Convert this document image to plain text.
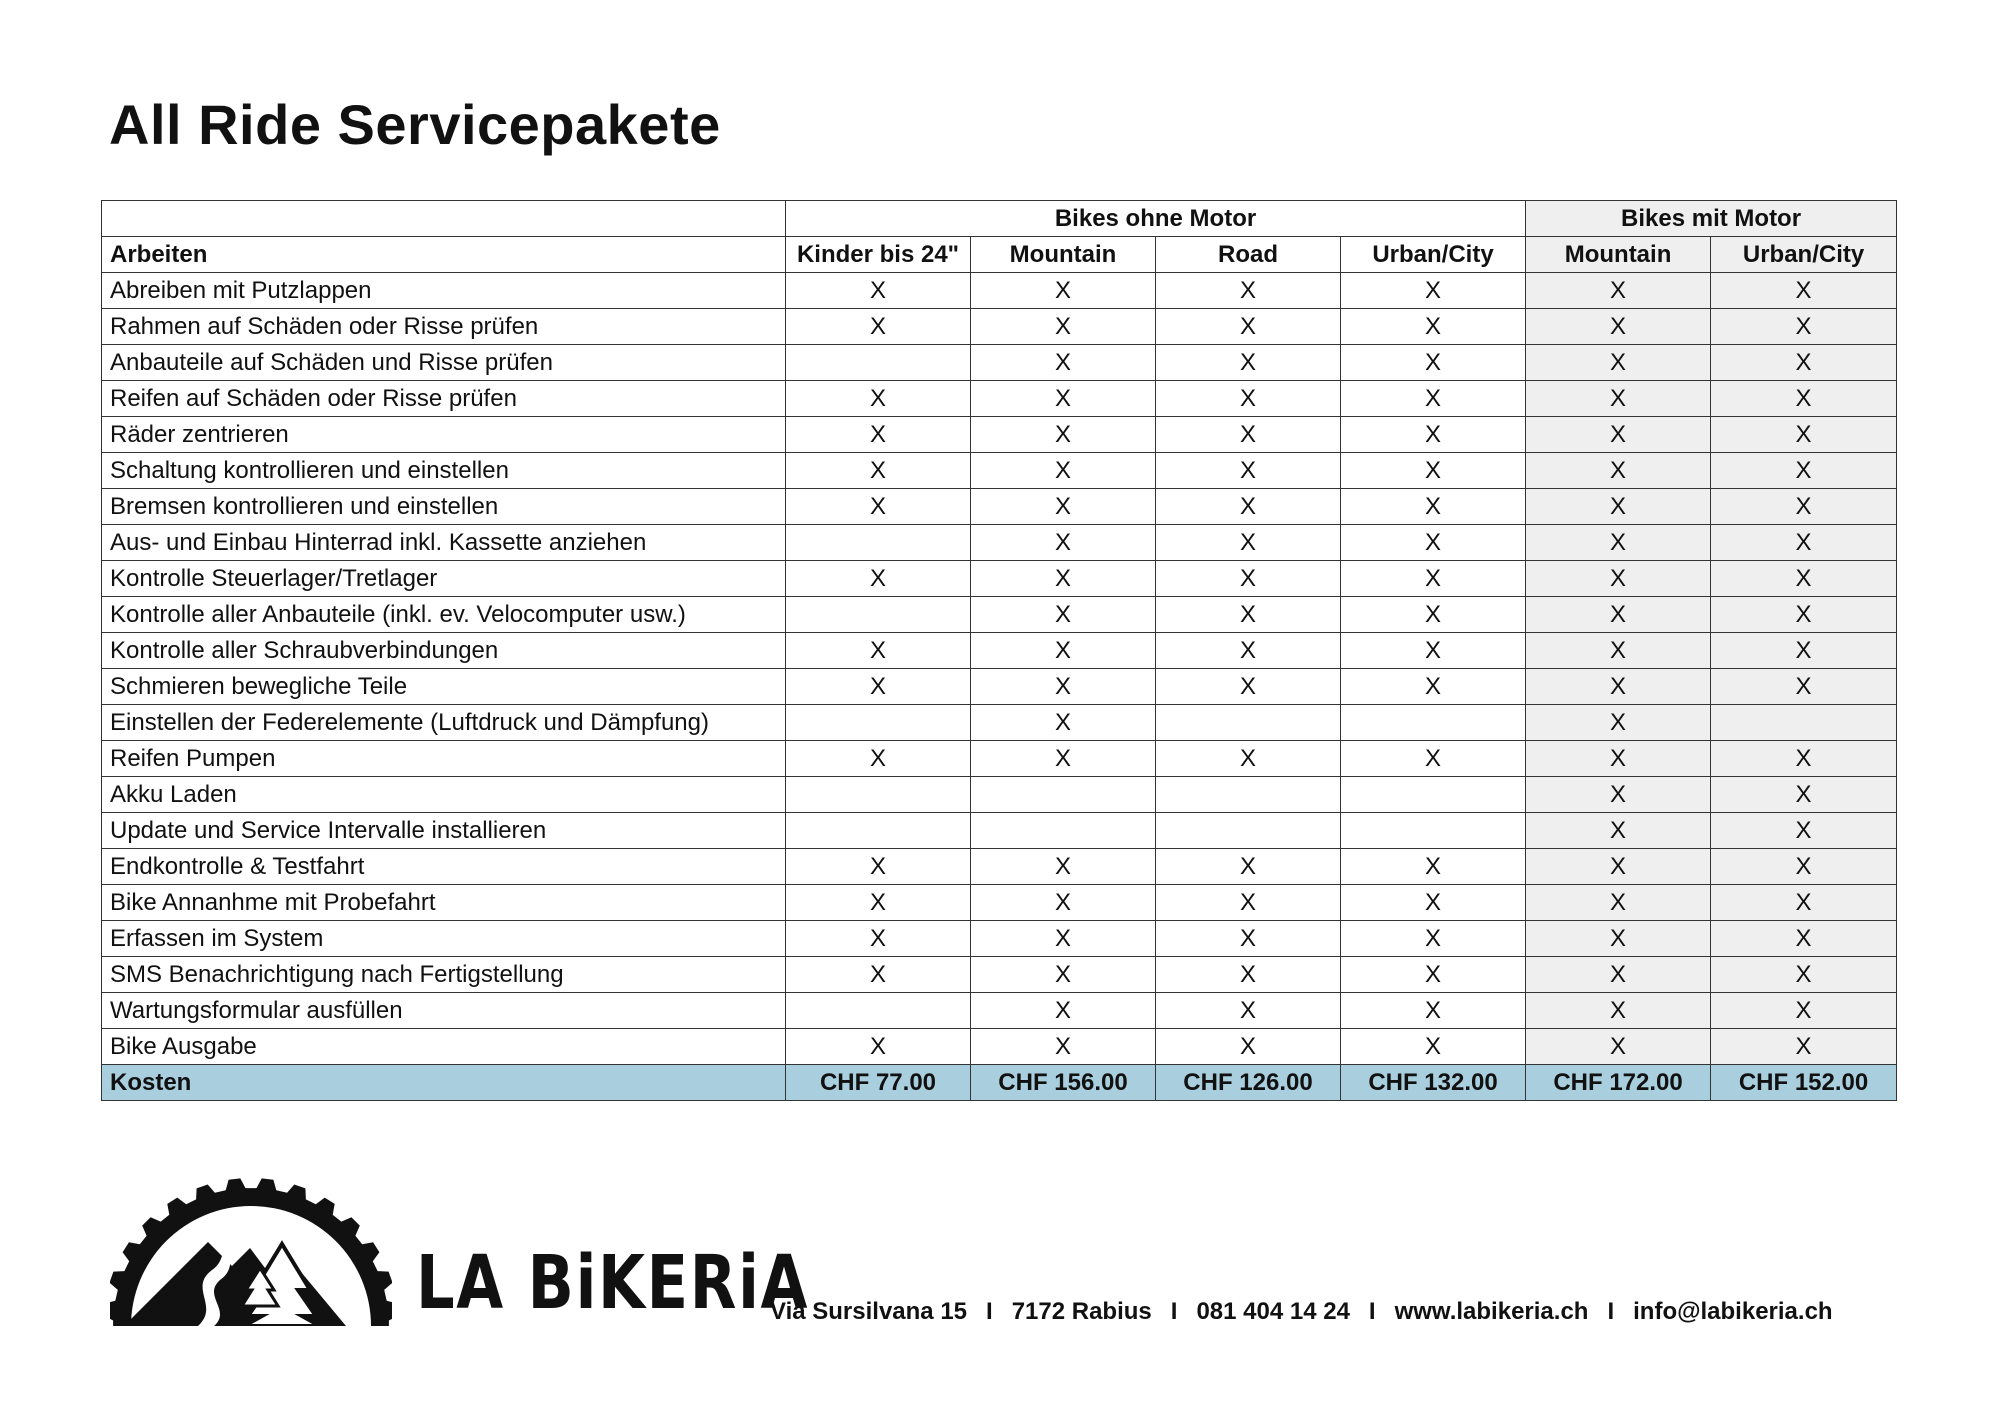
All Ride Servicepakete
	Bikes ohne Motor				Bikes mit Motor	
Arbeiten	Kinder bis 24"	Mountain	Road	Urban/City	Mountain	Urban/City
Abreiben mit Putzlappen	X	X	X	X	X	X
Rahmen auf Schäden oder Risse prüfen	X	X	X	X	X	X
Anbauteile auf Schäden und Risse prüfen		X	X	X	X	X
Reifen auf Schäden oder Risse prüfen	X	X	X	X	X	X
Räder zentrieren	X	X	X	X	X	X
Schaltung kontrollieren und einstellen	X	X	X	X	X	X
Bremsen kontrollieren und einstellen	X	X	X	X	X	X
Aus- und Einbau Hinterrad inkl. Kassette anziehen		X	X	X	X	X
Kontrolle Steuerlager/Tretlager	X	X	X	X	X	X
Kontrolle aller Anbauteile (inkl. ev. Velocomputer usw.)		X	X	X	X	X
Kontrolle aller Schraubverbindungen	X	X	X	X	X	X
Schmieren bewegliche Teile	X	X	X	X	X	X
Einstellen der Federelemente (Luftdruck und Dämpfung)		X			X	
Reifen Pumpen	X	X	X	X	X	X
Akku Laden					X	X
Update und Service Intervalle installieren					X	X
Endkontrolle & Testfahrt	X	X	X	X	X	X
Bike Annanhme mit Probefahrt	X	X	X	X	X	X
Erfassen im System	X	X	X	X	X	X
SMS Benachrichtigung nach Fertigstellung	X	X	X	X	X	X
Wartungsformular ausfüllen		X	X	X	X	X
Bike Ausgabe	X	X	X	X	X	X
Kosten	CHF 77.00	CHF 156.00	CHF 126.00	CHF 132.00	CHF 172.00	CHF 152.00
LA BiKERiA
Via Sursilvana 15 I 7172 Rabius I 081 404 14 24 I www.labikeria.ch I info@labikeria.ch
